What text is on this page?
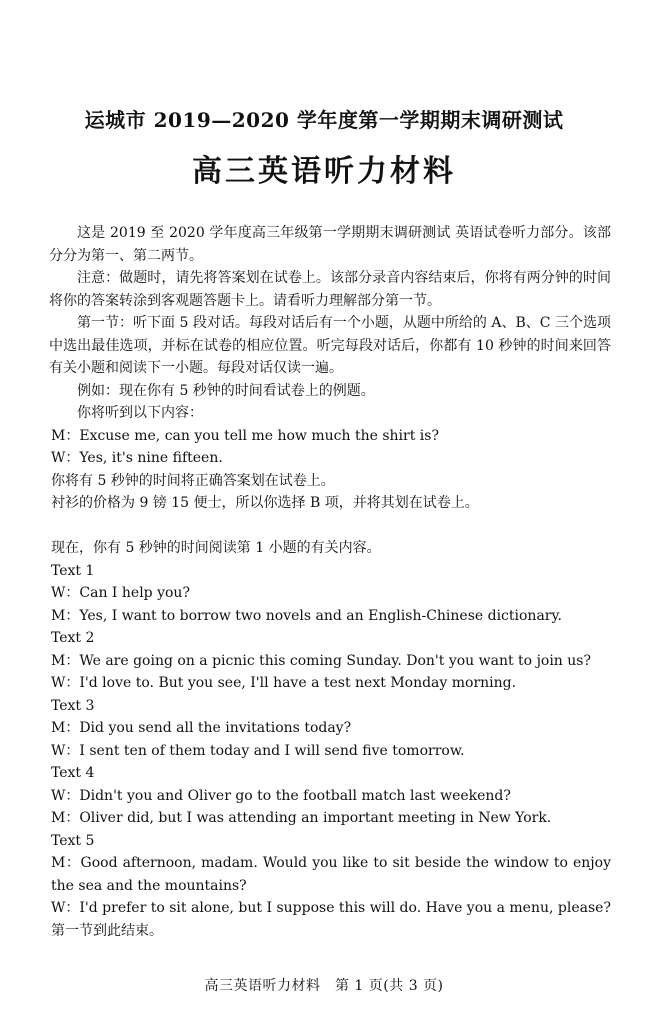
运城市 2019—2020 学年度第一学期期末调研测试
高三英语听力材料

这是 2019 至 2020 学年度高三年级第一学期期末调研测试 英语试卷听力部分。该部分分为第一、第二两节。

注意：做题时，请先将答案划在试卷上。该部分录音内容结束后，你将有两分钟的时间将你的答案转涂到客观题答题卡上。请看听力理解部分第一节。

第一节：听下面 5 段对话。每段对话后有一个小题，从题中所给的 A、B、C 三个选项中选出最佳选项，并标在试卷的相应位置。听完每段对话后，你都有 10 秒钟的时间来回答有关小题和阅读下一小题。每段对话仅读一遍。

例如：现在你有 5 秒钟的时间看试卷上的例题。

你将听到以下内容：

M：Excuse me, can you tell me how much the shirt is?

W：Yes, it's nine fifteen.

你将有 5 秒钟的时间将正确答案划在试卷上。

衬衫的价格为 9 镑 15 便士，所以你选择 B 项，并将其划在试卷上。

现在，你有 5 秒钟的时间阅读第 1 小题的有关内容。

Text 1

W：Can I help you?

M：Yes, I want to borrow two novels and an English-Chinese dictionary.

Text 2

M：We are going on a picnic this coming Sunday. Don't you want to join us?

W：I'd love to. But you see, I'll have a test next Monday morning.

Text 3

M：Did you send all the invitations today?

W：I sent ten of them today and I will send five tomorrow.

Text 4

W：Didn't you and Oliver go to the football match last weekend?

M：Oliver did, but I was attending an important meeting in New York.

Text 5

M：Good afternoon, madam. Would you like to sit beside the window to enjoy the sea and the mountains?

W：I'd prefer to sit alone, but I suppose this will do. Have you a menu, please?

第一节到此结束。

高三英语听力材料　第 1 页(共 3 页)
